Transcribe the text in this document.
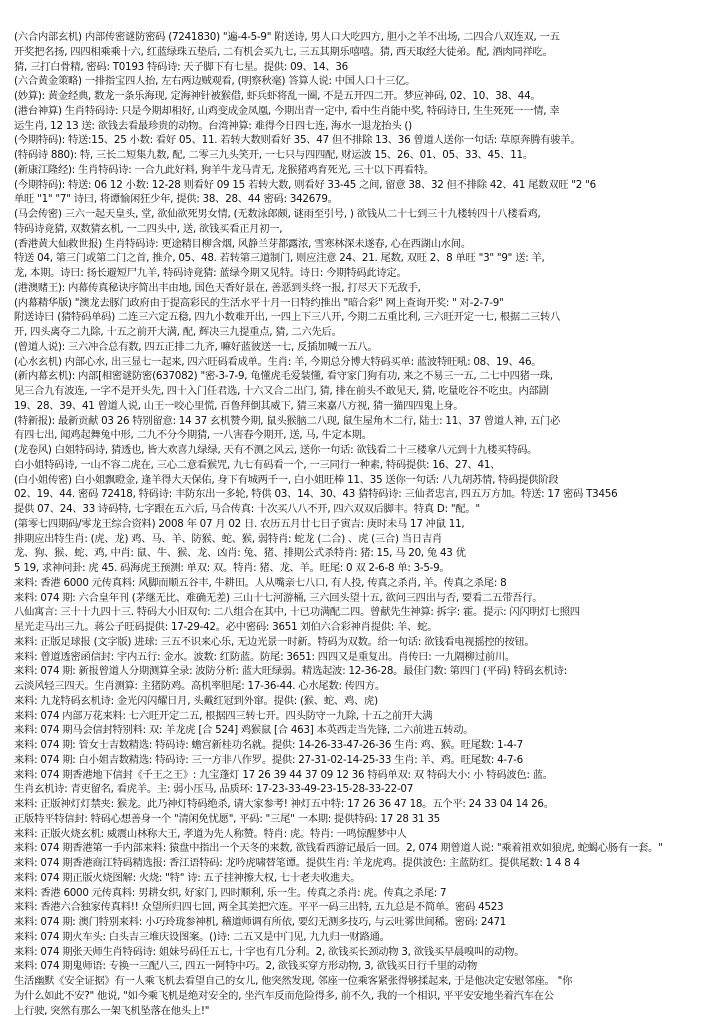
(六合内部玄机) 内部传密谜防密码 (7241830) "遍-4-5-9" 附送诗, 男人口大吃四方, 胆小之羊不出场, 二四合八双连双, 一五
开奖把名扬, 四四相乘乘十六, 红蓝绿珠五垫后, 二有机会买九七, 三五其期乐嘻嘻。猜, 西天取经大徒弟。配, 酒肉同祥吃。
猜, 三打白骨精, 密码: T0193 特码诗: 天子脚下有七星。提供: 09、14、36
(六合黄金策略) 一排指宝四人抬, 左右两边贼观看, (明察秋毫) 答算人说: 中国人口十三亿。
(妙算): 黄金经典, 数龙一条乐海现, 定海神针被猴借, 虾兵虾将乱一圈, 不是五开四二开。梦应神码, 02、10、38、44。
(港台神算) 生肖特码诗: 只是今期却相好, 山鸡变成金凤凰, 今期出青一定中, 看中生肖能中奖, 特码诗日, 生生死死一一情, 幸
运生肖, 12 13 送: 欲钱去看最珍贵的动物。台湾神算: 难得今日四七连, 海水一退龙抬头 ()
(今期特码): 特送:15、25 小数: 看好 05、11. 若转大数则看好 35、47 但不排除 13、36 曾道人送你一句话: 草原奔腾有骏羊。
(特码诗 880): 特, 三长二短集九数, 配, 二零三九头笑开, 一七只与四四配, 财运波 15、26、01、05、33、45、11。
(新康江隆经): 生肖特码诗: 一合九此好料, 狗羊牛龙马青无, 龙猴猪鸡育死光, 三十以下再看特。
(今期特码): 特送: 06 12 小数: 12-28 则看好 09 15 若转大数, 则看好 33-45 之间, 留意 38、32 但不排除 42、41 尾数双旺 "2 "6
单旺 "1" "7" 诗曰, 将谭愉闲狂少年, 提供: 38、28、44 密码: 342679。
(马会传密) 三六一起天皇头, 堂, 欲仙欲死男女情, (无数泳郎颇, 谜雨至引号, ) 欲钱从二十七到三十九楼转四十八楼看鸡,
特码诗竟猜, 双数猜玄机, 一二四头中, 送, 欲钱买看正月初一,
(香港黄大仙救世报) 生肖特码诗: 更途精目柳含烟, 风静兰芽都露浓, 雪寒林深未遂春, 心在西湖山水间。
特送 04, 第三门或第二门之首, 推介, 05、48. 若转第三道制门, 则应注意 24、21. 尾数, 双旺 2、8 单旺 "3" "9" 送: 羊,
龙, 本期。诗曰: 扬长避短尸九羊, 特码诗竟猜: 蓝绿今期又见特。诗日: 今期特码此诗定。
(港澳赌王): 内幕传真秘诀序简出丰由地, 国色天香好景在, 善恶到头终一报, 打尽天下无敌手,
(内幕精华版) "澳龙去豚门政府由于提高彩民的生活水平十月一日特约推出 "暗合彩" 网上查询开奖: " 对-2-7-9"
附送诗曰 (猜特码单码) 二连三六定五稳, 四九小数难开出, 一四上下三八开, 今期二五重比利, 三六旺开定一七, 根据二三转八
开, 四头离夺二九除, 十五之前开大满, 配, 辉决三九提重点, 猜, 二六先后。
(曾道人说): 三六冲合总有数, 四五正排二九齐, 嘛好蓝彼送一七, 反插加喊一五八。
(心水玄机) 内部心水, 出三显七一起来, 四六旺码看成单。生肖: 羊, 今期总分博大特码买单: 蓝波特旺吼: 08、19、46。
(新内幕玄机): 内部[相密谜防密(637082) "密-3-7-9, 龟懂虎毛爱装懂, 看守家门狗有功, 来之不易三一五, 二七中四猪一珠,
见三合九有波连, 一字不是开头先, 四十入门任君选, 十六又合二出门, 猜, 排在前头不敢见天, 猜, 吃量吃谷不吃虫。内部剧
19、28、39、41 曾道人说, 山王一咬心里慌, 百鲁拜倒其威下, 猜三来嘉八方视, 猜一猫四四鬼上身。
(特新报): 最新贡献 03 26 特别留意: 14 37 玄机赞今期, 鼠头猴脑二八现, 鼠生屋角木二行, 陆士: 11、37 曾道人神, 五门必
有四七出, 闻鸡起舞兔中形, 二九不分今期猜, 一八害春今期开, 送, 马, 牛定本期。
(龙卷风) 白姐特码诗, 猜透也, 皆大欢喜九绿绿, 天有不测之风云, 送你一句话: 欲钱看二十三楼拿八元到十九楼买特码。
白小姐特码诗, 一山不容二虎在, 三心二意看猴咒, 九七有码看一个, 一三同行一种素, 特码提供: 16、27、41、
(白小姐传密) 白小姐飘瞪金, 逢羊得大天保佑, 身下有城两千一, 白小姐旺棒 11、35 送你一句话: 八九胡苏情, 特码提供阶段
02、19、44. 密码 72418, 特码诗: 丰防东出一多轮, 特供 03、14、30、43 猜特码诗: 三仙者忠言, 四五万方加。特送: 17 密码 T3456
提供 07、24、33 诗码特, 七字跟在五六后, 马合传真: 十次买八八不开, 四六双双后脚丰。特真 D: "配。"
(第零七四期码/零龙王综合资料) 2008 年 07 月 02 日. 农历五月廿七日子寅吉: 庚时未马 17 冲鼠 11,
排期应出特生肖: (虎、龙) 鸡、马、羊、防猴、蛇、猴, 弱特肖: 蛇龙 (二合) 、虎 (三合) 当日吉肖
龙、狗、猴、蛇、鸡, 中肖: 鼠、牛、猴、龙、凶肖: 兔、猪、排期公式杀特肖: 猪: 15, 马 20, 兔 43 优
5 19, 求神问卦: 虎 45. 码海虎王预测: 单双: 双。特肖: 猪、龙、羊。旺尾: 0 双 2-6-8 单: 3-5-9。
来料: 香港 6000 元传真料: 风脚而顺五谷丰, 牛耕田。人从嘴亲七八口, 有人投, 传真之杀肖, 羊。传真之杀尾: 8
来料: 074 期: 六合皇年刊 (茅继无比、难确无差) 三山十七河游桶, 三六回头望十五, 欲问三四出与否, 要看二五带吾行。
八仙寓言: 三十十九四十三. 特码大小旧双旬: 二八组合在其中, 十已功满配二四。曾献先生神算: 拆字: 霍。提示: 闪闪明灯七照四
星光走马出三九。蒋公子旺码提供: 17-29-42。必中密码: 3651 刘伯六合彩神肖提供: 羊、蛇。
来料: 正版足球报 (文字版) 进球: 三五不识来心乐, 无边光景一时新。特码为双数。给一句话: 欲钱看电视摇控的按钮。
来料: 曾道透密函信封: 宇内五行: 金水。波数: 红防蓝。防尾: 3651: 四四又是重复出。肖传曰: 一九隔柳过前川。
来料: 074 期: 新报曾道人分期测算全录: 波防分析: 蓝大旺绿弱。精选起波: 12-36-28。最佳门数: 第四门 (平码) 特码玄机诗:
云淡风轻三四天。生肖测算: 主猪防鸡。高机率胆尾: 17-36-44. 心水尾数: 传四方。
来料: 九龙特码玄机诗: 金光闪闪耀日月, 头戴红冠到外窜。提供: (猴、蛇、鸡、虎)
来料: 074 内部万花来料: 七六旺开定二五, 根据四三转七开。四头防守一九除, 十五之前开大满
来料: 074 期马会信封特别料: 双: 羊龙虎 [合 524] 鸡猴鼠 [合 463] 本英西走当先锋, 二六前进五转动。
来料: 074 期: 管女士吉数精选: 特码诗: 蟾宫新桂功名就。提供: 14-26-33-47-26-36 生肖: 鸡、猴。旺尾数: 1-4-7
来料: 074 期: 白小姐吉数精选: 特码诗: 三一方非八作罗。提供: 27-31-02-14-25-33 生肖: 羊、鸡。旺尾数: 4-7-6
来料: 074 期香港地下信封《千王之王》: 九宝蓬灯 17 26 39 44 37 09 12 36 特码单双: 双 特码大小: 小 特码波色: 蓝。
生肖玄机诗: 青吏留名, 看虎羊。主: 弱小压马, 品质环: 17-23-33-49-23-15-28-33-22-07
来料: 正版神灯灯禁夹: 猴龙。此乃神灯特码绝杀, 请大家参考! 神灯五中特: 17 26 36 47 18。五个平: 24 33 04 14 26。
正版特平特信封: 特码心想善身一个 "清闲免忧愿", 平码: "三尾" 一本期: 提供特码: 17 28 31 35
来料: 正版火烧玄机: 威震山林称大王, 孝道为先人称赞。特肖: 虎。特肖: 一鸣惊醒梦中人
来料: 074 期香港第一手内部来料: 猿盘中指出一个天冬的来数, 欲钱看西游记最后一回。2, 074 期曾道人说: "乘着祖欢如狼虎, 蛇蝎心肠有一套。"
来料: 074 期香港商江特码精选报: 香江语特码: 龙吟虎啸替笔谭。提供生肖: 羊龙虎鸡。提供波色: 主蓝防红。提供尾数: 1 4 8 4
来料: 074 期正版火烧图解: 火烧: "特" 诗: 五子挂神擦大权, 七十老夫收進夫。
来料: 香港 6000 元传真料: 男耕女织, 好家门, 四时顺利, 乐一生。传真之杀肖: 虎。传真之杀尾: 7
来料: 香港六合独家传真料!! 众望所归四七回, 两全其美把穴连。平平一码三出特, 五九总是不简单。密码 4523
来料: 074 期: 澳门特别来料: 小巧玲珑参神机, 稽道师调有所依, 要幻无测多技巧, 与云吐雾世间稀。密码: 2471
来料: 074 期火车头: 白头吉三堆庆设图案。()诗: 二五又是中门见, 九九归一财路通。
来料: 074 期张天师生肖特码诗: 姐妹号码任五七, 十字也有几分利。2, 欲钱买长颈动物 3, 欲钱买早晨嗅叫的动物。
来料: 074 期鬼师语: 专换一三配八三, 四五一阿特中巧。2, 欲钱买穿方形动物, 3, 欲钱买日行千里的动物
生活幽默《安全证据》有一人乘飞机去看望自己的女儿, 他突然发现, 邻座一位乘客紧张得够揉起来, 于是他决定安慰邻座。 "你
为什么如此不安?" 他说, "如今乘飞机是绝对安全的, 坐汽车反而危险得多, 前不久, 我的一个相识, 平平安安地坐着汽车在公
上行驶, 突然有那么一架飞机坠落在他头上!"
